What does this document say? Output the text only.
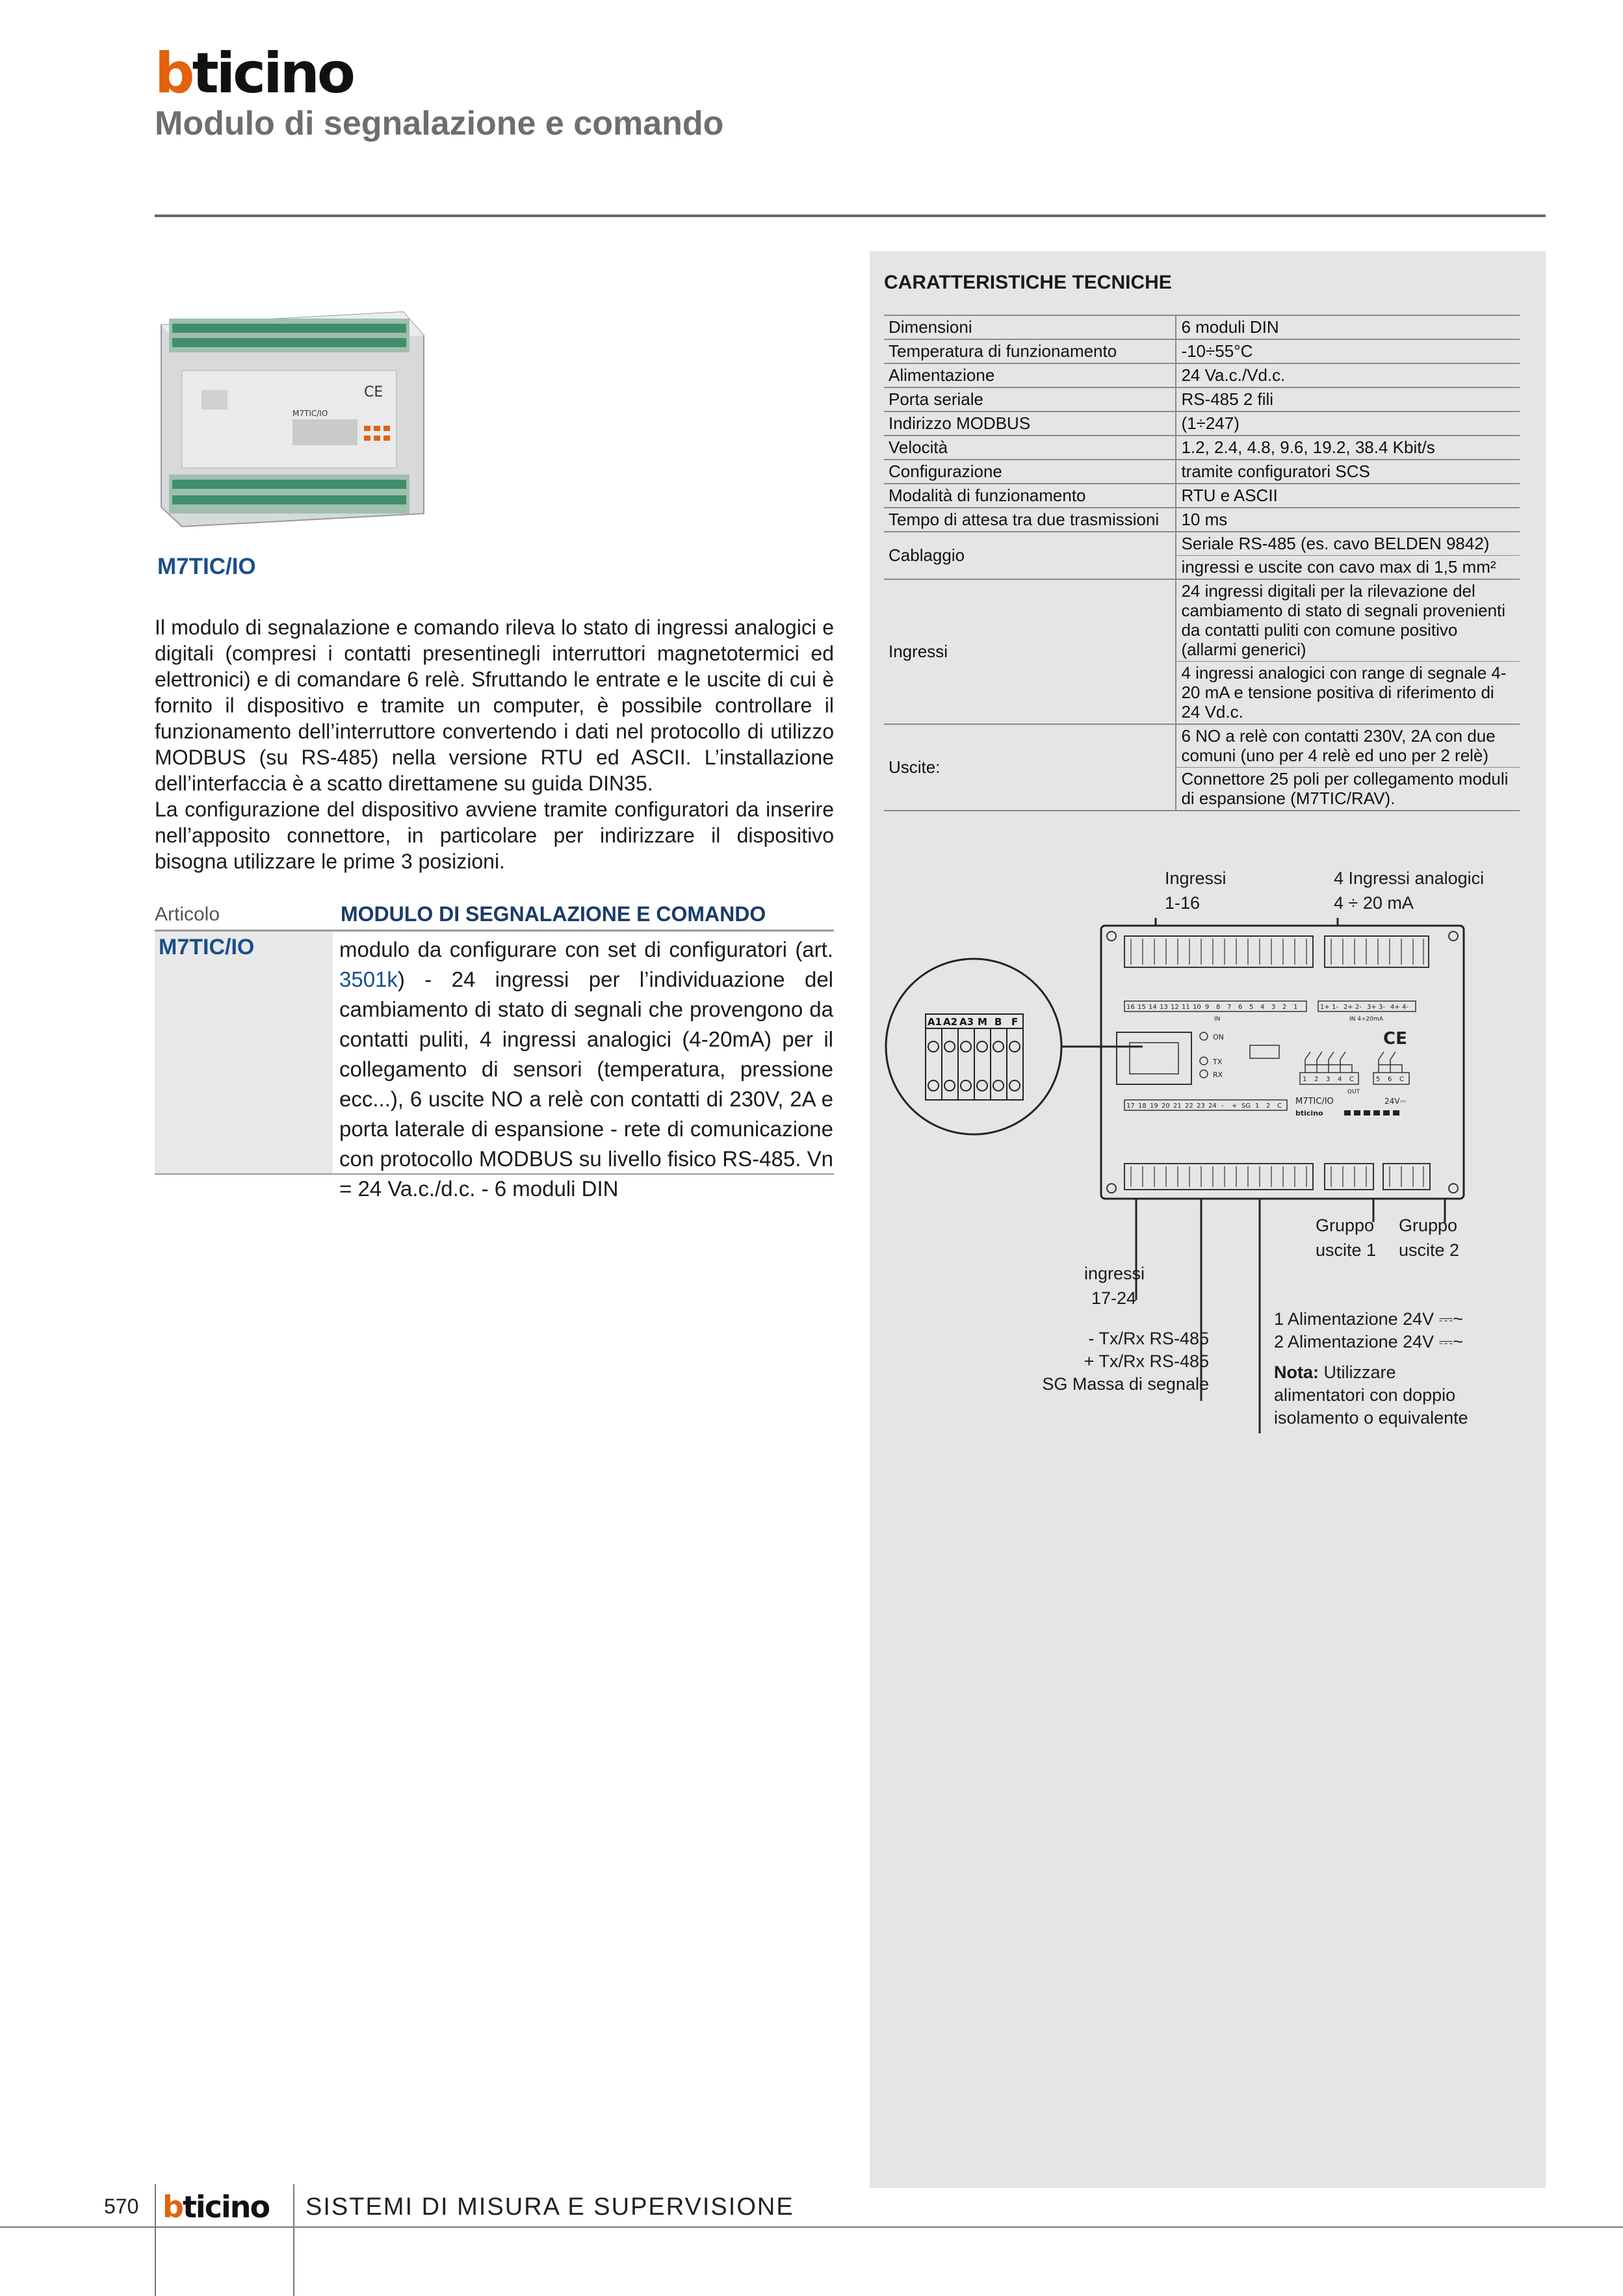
bticino
Modulo di segnalazione e comando
CE
M7TIC/IO
M7TIC/IO

Il modulo di segnalazione e comando rileva lo stato di ingressi analogici e digitali (compresi i contatti presentinegli interruttori magnetotermici ed elettronici) e di comandare 6 relè. Sfruttando le entrate e le uscite di cui è fornito il dispositivo e tramite un computer, è possibile controllare il funzionamento dell’interruttore convertendo i dati nel protocollo di utilizzo MODBUS (su RS-485) nella versione RTU ed ASCII. L’installazione dell’interfaccia è a scatto direttamene su guida DIN35.

La configurazione del dispositivo avviene tramite configuratori da inserire nell’apposito connettore, in particolare per indirizzare il dispositivo bisogna utilizzare le prime 3 posizioni.

Articolo	MODULO DI SEGNALAZIONE E COMANDO
M7TIC/IO	modulo da configurare con set di configuratori (art. 3501k) - 24 ingressi per l’individuazione del cambiamento di stato di segnali che provengono da contatti puliti, 4 ingressi analogici (4-20mA) per il collegamento di sensori (temperatura, pressione ecc...), 6 uscite NO a relè con contatti di 230V, 2A e porta laterale di espansione - rete di comunicazione con protocollo MODBUS su livello fisico RS-485. Vn = 24 Va.c./d.c. - 6 moduli DIN
CARATTERISTICHE TECNICHE
Dimensioni	6 moduli DIN
Temperatura di funzionamento	-10÷55°C
Alimentazione	24 Va.c./Vd.c.
Porta seriale	RS-485 2 fili
Indirizzo MODBUS	(1÷247)
Velocità	1.2, 2.4, 4.8, 9.6, 19.2, 38.4 Kbit/s
Configurazione	tramite configuratori SCS
Modalità di funzionamento	RTU e ASCII
Tempo di attesa tra due trasmissioni	10 ms
Cablaggio	Seriale RS-485 (es. cavo BELDEN 9842)
	ingressi e uscite con cavo max di 1,5 mm²
Ingressi	24 ingressi digitali per la rilevazione del cambiamento di stato di segnali provenienti da contatti puliti con comune positivo (allarmi generici)
	4 ingressi analogici con range di segnale 4-20 mA e tensione positiva di riferimento di 24 Vd.c.
Uscite:	6 NO a relè con contatti 230V, 2A con due comuni (uno per 4 relè ed uno per 2 relè)
	Connettore 25 poli per collegamento moduli di espansione (M7TIC/RAV).
IN	IN 4÷20mA
16 15 14 13 12 11 10 9 8 7 6 5 4 3 2 1	1+ 1- 2+ 2- 3+ 3- 4+ 4-
17 18 19 20 21 22 23 24 - + SG 1 2 C
1 2 3 4 C	5 6 C
OUT
ON
TX
RX
M7TIC/IO
bticino
24V⎓
CE
A1 A2 A3 M B F
Ingressi
1-16
4 Ingressi analogici
4 ÷ 20 mA
Gruppo
uscite 1
Gruppo
uscite 2
ingressi
17-24
- Tx/Rx RS-485
+ Tx/Rx RS-485
SG Massa di segnale
1 Alimentazione 24V ⎓~
2 Alimentazione 24V ⎓~
Nota: Utilizzare
alimentatori con doppio
isolamento o equivalente
570 bticino SISTEMI DI MISURA E SUPERVISIONE
